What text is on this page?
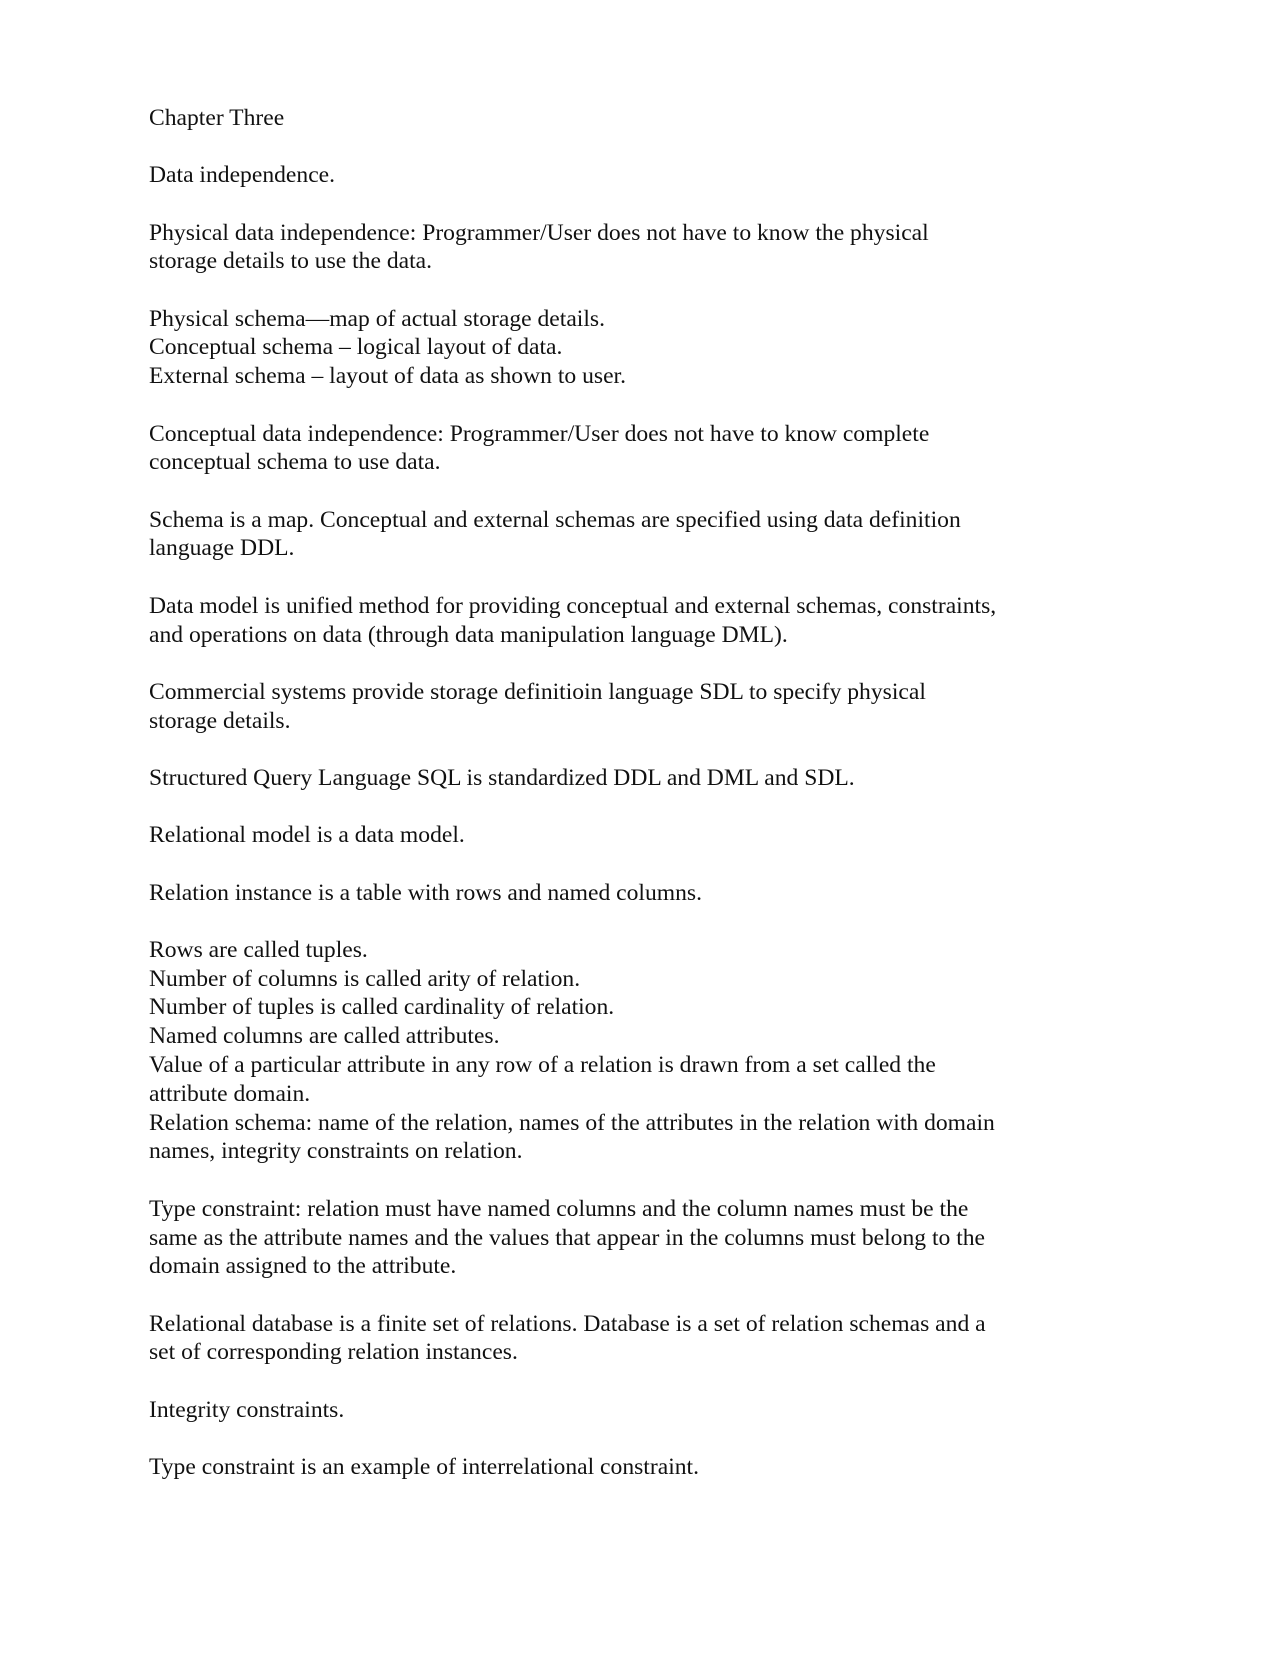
Chapter Three
Data independence.
Physical data independence: Programmer/User does not have to know the physical
storage details to use the data.
Physical schema—map of actual storage details.
Conceptual schema – logical layout of data.
External schema – layout of data as shown to user.
Conceptual data independence: Programmer/User does not have to know complete
conceptual schema to use data.
Schema is a map. Conceptual and external schemas are specified using data definition
language DDL.
Data model is unified method for providing conceptual and external schemas, constraints,
and operations on data (through data manipulation language DML).
Commercial systems provide storage definitioin language SDL to specify physical
storage details.
Structured Query Language SQL is standardized DDL and DML and SDL.
Relational model is a data model.
Relation instance is a table with rows and named columns.
Rows are called tuples.
Number of columns is called arity of relation.
Number of tuples is called cardinality of relation.
Named columns are called attributes.
Value of a particular attribute in any row of a relation is drawn from a set called the
attribute domain.
Relation schema: name of the relation, names of the attributes in the relation with domain
names, integrity constraints on relation.
Type constraint: relation must have named columns and the column names must be the
same as the attribute names and the values that appear in the columns must belong to the
domain assigned to the attribute.
Relational database is a finite set of relations. Database is a set of relation schemas and a
set of corresponding relation instances.
Integrity constraints.
Type constraint is an example of interrelational constraint.
